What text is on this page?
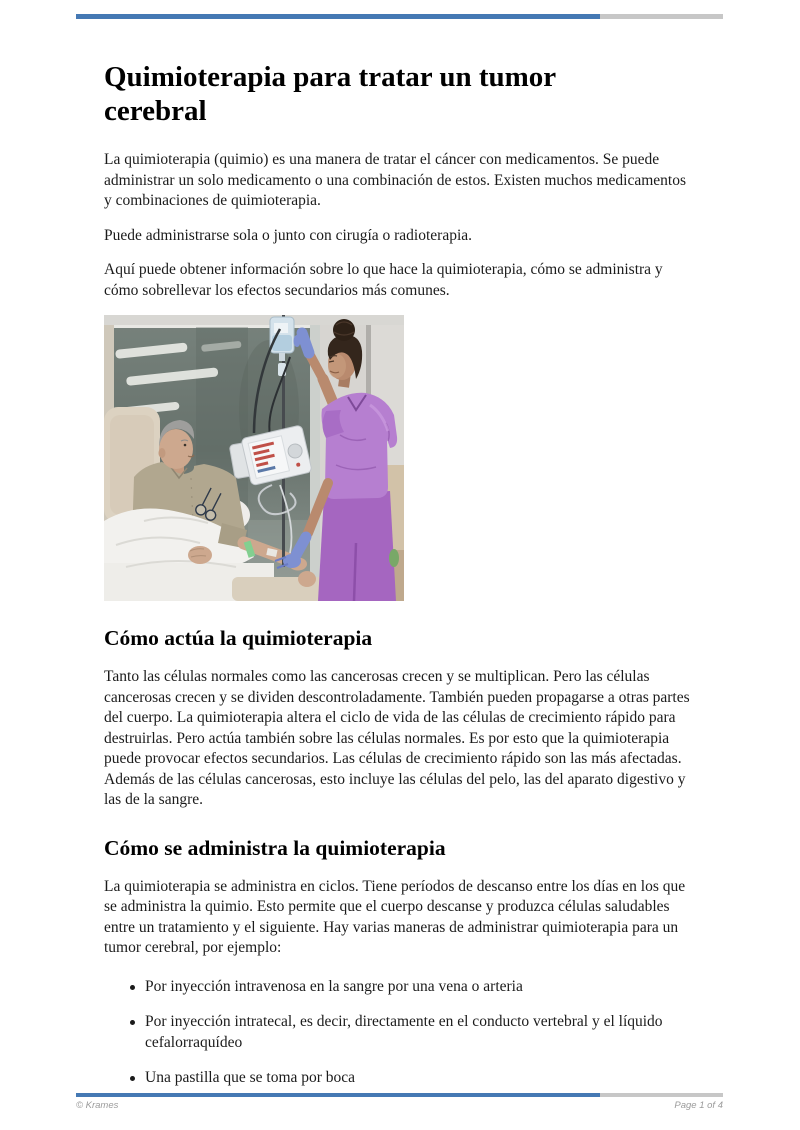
Quimioterapia para tratar un tumor cerebral

La quimioterapia (quimio) es una manera de tratar el cáncer con medicamentos. Se puede administrar un solo medicamento o una combinación de estos. Existen muchos medicamentos y combinaciones de quimioterapia.

Puede administrarse sola o junto con cirugía o radioterapia.

Aquí puede obtener información sobre lo que hace la quimioterapia, cómo se administra y cómo sobrellevar los efectos secundarios más comunes.

Cómo actúa la quimioterapia

Tanto las células normales como las cancerosas crecen y se multiplican. Pero las células cancerosas crecen y se dividen descontroladamente. También pueden propagarse a otras partes del cuerpo. La quimioterapia altera el ciclo de vida de las células de crecimiento rápido para destruirlas. Pero actúa también sobre las células normales. Es por esto que la quimioterapia puede provocar efectos secundarios. Las células de crecimiento rápido son las más afectadas. Además de las células cancerosas, esto incluye las células del pelo, las del aparato digestivo y las de la sangre.

Cómo se administra la quimioterapia

La quimioterapia se administra en ciclos. Tiene períodos de descanso entre los días en los que se administra la quimio. Esto permite que el cuerpo descanse y produzca células saludables entre un tratamiento y el siguiente. Hay varias maneras de administrar quimioterapia para un tumor cerebral, por ejemplo:

Por inyección intravenosa en la sangre por una vena o arteria
Por inyección intratecal, es decir, directamente en el conducto vertebral y el líquido cefalorraquídeo
Una pastilla que se toma por boca
© Krames	Page 1 of 4
